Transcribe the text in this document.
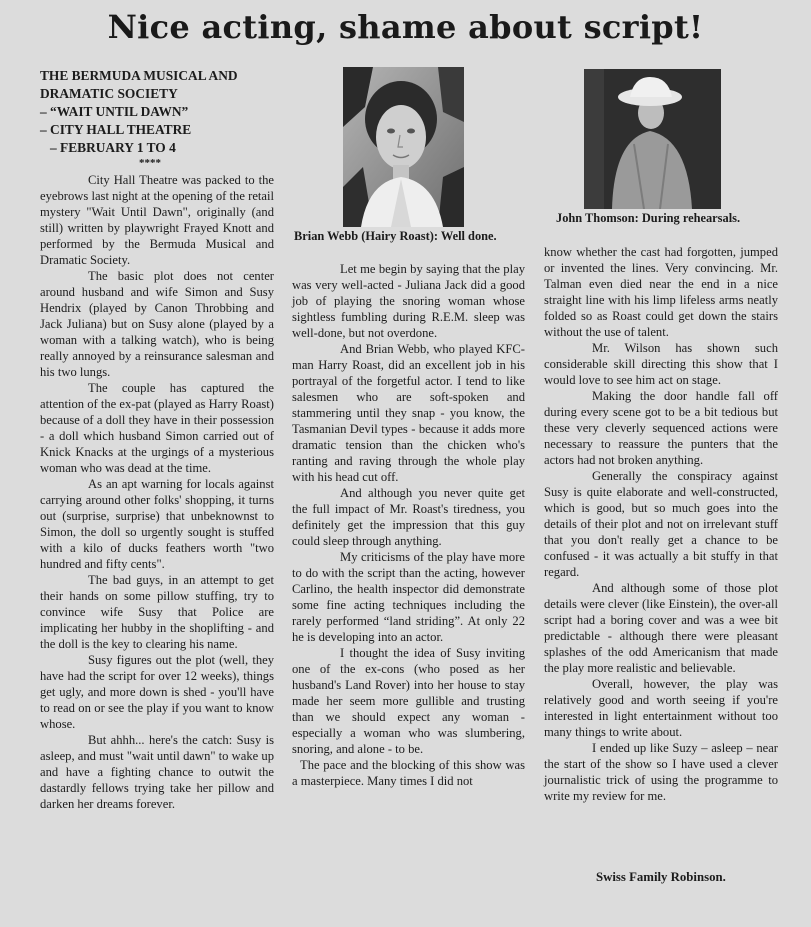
Nice acting, shame about script!
THE BERMUDA MUSICAL AND
DRAMATIC SOCIETY
– “WAIT UNTIL DAWN”
– CITY HALL THEATRE
– FEBRUARY 1 TO 4
****
Brian Webb (Hairy Roast): Well done.
John Thomson: During rehearsals.

City Hall Theatre was packed to the eyebrows last night at the opening of the retail mystery "Wait Until Dawn", originally (and still) written by playwright Frayed Knott and performed by the Bermuda Musical and Dramatic Society.

The basic plot does not center around husband and wife Simon and Susy Hendrix (played by Canon Throbbing and Jack Juliana) but on Susy alone (played by a woman with a talking watch), who is being really annoyed by a reinsurance salesman and his two lungs.

The couple has captured the attention of the ex-pat (played as Harry Roast) because of a doll they have in their possession - a doll which husband Simon carried out of Knick Knacks at the urgings of a mysterious woman who was dead at the time.

As an apt warning for locals against carrying around other folks' shopping, it turns out (surprise, surprise) that unbeknownst to Simon, the doll so urgently sought is stuffed with a kilo of ducks feathers worth "two hundred and fifty cents".

The bad guys, in an attempt to get their hands on some pillow stuffing, try to convince wife Susy that Police are implicating her hubby in the shoplifting - and the doll is the key to clearing his name.

Susy figures out the plot (well, they have had the script for over 12 weeks), things get ugly, and more down is shed - you'll have to read on or see the play if you want to know whose.

But ahhh... here's the catch: Susy is asleep, and must "wait until dawn" to wake up and have a fighting chance to outwit the dastardly fellows trying take her pillow and darken her dreams forever.

Let me begin by saying that the play was very well-acted - Juliana Jack did a good job of playing the snoring woman whose sightless fumbling during R.E.M. sleep was well-done, but not overdone.

And Brian Webb, who played KFC-man Harry Roast, did an excellent job in his portrayal of the forgetful actor. I tend to like salesmen who are soft-spoken and stammering until they snap - you know, the Tasmanian Devil types - because it adds more dramatic tension than the chicken who's ranting and raving through the whole play with his head cut off.

And although you never quite get the full impact of Mr. Roast's tiredness, you definitely get the impression that this guy could sleep through anything.

My criticisms of the play have more to do with the script than the acting, however Carlino, the health inspector did demonstrate some fine acting techniques including the rarely performed “land striding”. At only 22 he is developing into an actor.

I thought the idea of Susy inviting one of the ex-cons (who posed as her husband's Land Rover) into her house to stay made her seem more gullible and trusting than we should expect any woman - especially a woman who was slumbering, snoring, and alone - to be.

The pace and the blocking of this show was a masterpiece. Many times I did not

know whether the cast had forgotten, jumped or invented the lines. Very convincing. Mr. Talman even died near the end in a nice straight line with his limp lifeless arms neatly folded so as Roast could get down the stairs without the use of talent.

Mr. Wilson has shown such considerable skill directing this show that I would love to see him act on stage.

Making the door handle fall off during every scene got to be a bit tedious but these very cleverly sequenced actions were necessary to reassure the punters that the actors had not broken anything.

Generally the conspiracy against Susy is quite elaborate and well-constructed, which is good, but so much goes into the details of their plot and not on irrelevant stuff that you don't really get a chance to be confused - it was actually a bit stuffy in that regard.

And although some of those plot details were clever (like Einstein), the over-all script had a boring cover and was a wee bit predictable - although there were pleasant splashes of the odd Americanism that made the play more realistic and believable.

Overall, however, the play was relatively good and worth seeing if you're interested in light entertainment without too many things to write about.

I ended up like Suzy – asleep – near the start of the show so I have used a clever journalistic trick of using the programme to write my review for me.

Swiss Family Robinson.
